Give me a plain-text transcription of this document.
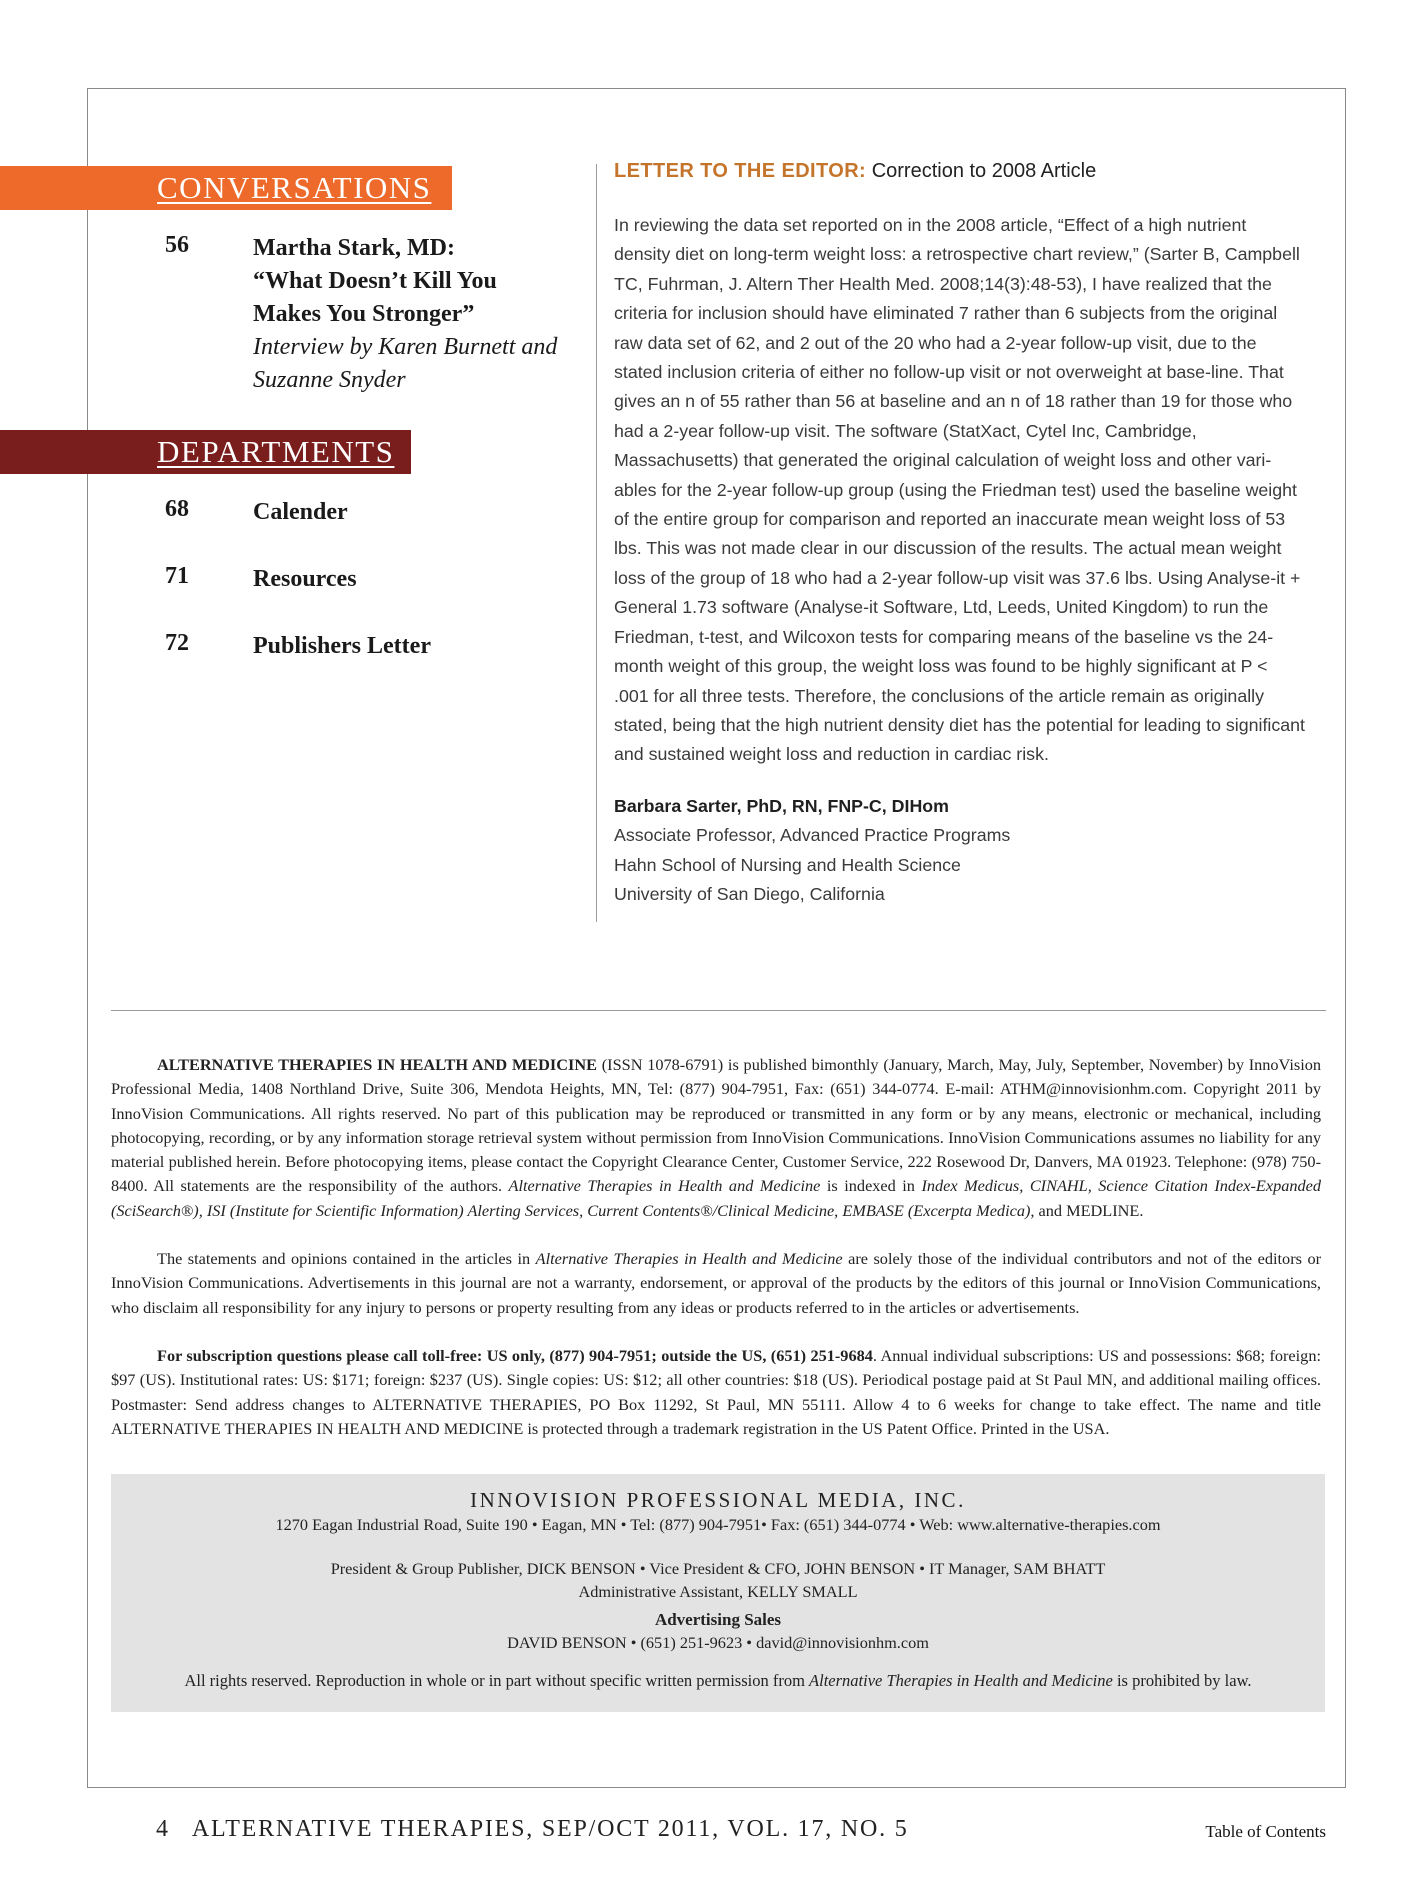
CONVERSATIONS
56	Martha Stark, MD:
“What Doesn’t Kill You
Makes You Stronger”
Interview by Karen Burnett and
Suzanne Snyder
DEPARTMENTS
68	Calender
71	Resources
72	Publishers Letter
LETTER TO THE EDITOR: Correction to 2008 Article

In reviewing the data set reported on in the 2008 article, “Effect of a high nutrient density diet on long-term weight loss: a retrospective chart review,” (Sarter B, Campbell TC, Fuhrman, J. Altern Ther Health Med. 2008;14(3):48-53), I have realized that the criteria for inclusion should have eliminated 7 rather than 6 subjects from the original raw data set of 62, and 2 out of the 20 who had a 2-year follow-up visit, due to the stated inclusion criteria of either no follow-up visit or not overweight at base-line. That gives an n of 55 rather than 56 at baseline and an n of 18 rather than 19 for those who had a 2-year follow-up visit. The software (StatXact, Cytel Inc, Cambridge, Massachusetts) that generated the original calculation of weight loss and other vari-ables for the 2-year follow-up group (using the Friedman test) used the baseline weight of the entire group for comparison and reported an inaccurate mean weight loss of 53 lbs. This was not made clear in our discussion of the results. The actual mean weight loss of the group of 18 who had a 2-year follow-up visit was 37.6 lbs. Using Analyse-it + General 1.73 software (Analyse-it Software, Ltd, Leeds, United Kingdom) to run the Friedman, t-test, and Wilcoxon tests for comparing means of the baseline vs the 24-month weight of this group, the weight loss was found to be highly significant at P < .001 for all three tests. Therefore, the conclusions of the article remain as originally stated, being that the high nutrient density diet has the potential for leading to significant and sustained weight loss and reduction in cardiac risk.

Barbara Sarter, PhD, RN, FNP-C, DIHom
Associate Professor, Advanced Practice Programs
Hahn School of Nursing and Health Science
University of San Diego, California

ALTERNATIVE THERAPIES IN HEALTH AND MEDICINE (ISSN 1078-6791) is published bimonthly (January, March, May, July, September, November) by InnoVision Professional Media, 1408 Northland Drive, Suite 306, Mendota Heights, MN, Tel: (877) 904-7951, Fax: (651) 344-0774. E-mail: ATHM@innovisionhm.com. Copyright 2011 by InnoVision Communications. All rights reserved. No part of this publication may be reproduced or transmitted in any form or by any means, electronic or mechanical, including photocopying, recording, or by any information storage retrieval system without permission from InnoVision Communications. InnoVision Communications assumes no liability for any material published herein. Before photocopying items, please contact the Copyright Clearance Center, Customer Service, 222 Rosewood Dr, Danvers, MA 01923. Telephone: (978) 750-8400. All statements are the responsibility of the authors. Alternative Therapies in Health and Medicine is indexed in Index Medicus, CINAHL, Science Citation Index-Expanded (SciSearch®), ISI (Institute for Scientific Information) Alerting Services, Current Contents®/Clinical Medicine, EMBASE (Excerpta Medica), and MEDLINE.

The statements and opinions contained in the articles in Alternative Therapies in Health and Medicine are solely those of the individual contributors and not of the editors or InnoVision Communications. Advertisements in this journal are not a warranty, endorsement, or approval of the products by the editors of this journal or InnoVision Communications, who disclaim all responsibility for any injury to persons or property resulting from any ideas or products referred to in the articles or advertisements.

For subscription questions please call toll-free: US only, (877) 904-7951; outside the US, (651) 251-9684. Annual individual subscriptions: US and possessions: $68; foreign: $97 (US). Institutional rates: US: $171; foreign: $237 (US). Single copies: US: $12; all other countries: $18 (US). Periodical postage paid at St Paul MN, and additional mailing offices. Postmaster: Send address changes to ALTERNATIVE THERAPIES, PO Box 11292, St Paul, MN 55111. Allow 4 to 6 weeks for change to take effect. The name and title ALTERNATIVE THERAPIES IN HEALTH AND MEDICINE is protected through a trademark registration in the US Patent Office. Printed in the USA.

INNOVISION PROFESSIONAL MEDIA, INC.
1270 Eagan Industrial Road, Suite 190 • Eagan, MN • Tel: (877) 904-7951• Fax: (651) 344-0774 • Web: www.alternative-therapies.com
President & Group Publisher, DICK BENSON • Vice President & CFO, JOHN BENSON • IT Manager, SAM BHATT
Administrative Assistant, KELLY SMALL
Advertising Sales
DAVID BENSON • (651) 251-9623 • david@innovisionhm.com
All rights reserved. Reproduction in whole or in part without specific written permission from Alternative Therapies in Health and Medicine is prohibited by law.
4 ALTERNATIVE THERAPIES, SEP/OCT 2011, VOL. 17, NO. 5	Table of Contents
